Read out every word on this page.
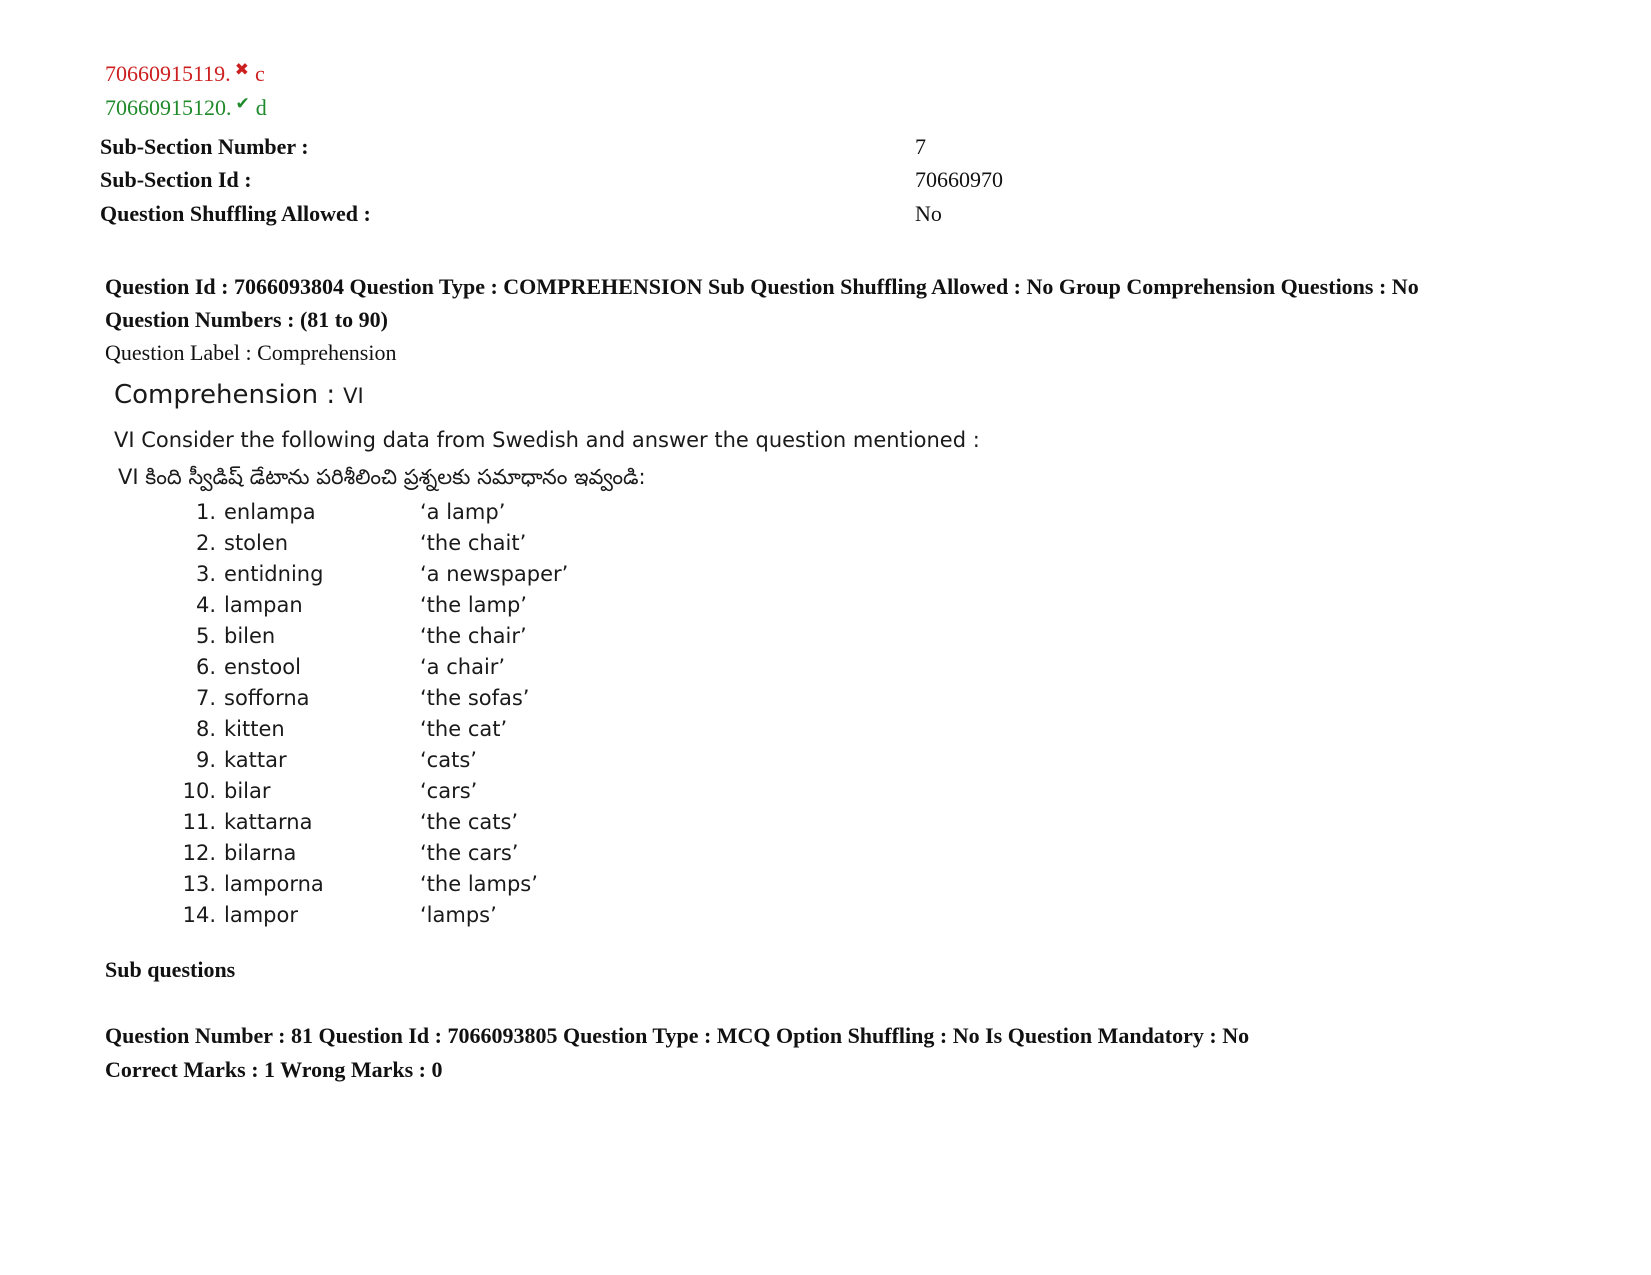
70660915119. ✖ c
70660915120. ✔ d
Sub-Section Number :	7
Sub-Section Id :	70660970
Question Shuffling Allowed :	No
Question Id : 7066093804 Question Type : COMPREHENSION Sub Question Shuffling Allowed : No Group Comprehension Questions : No
Question Numbers : (81 to 90)
Question Label : Comprehension
Comprehension : VI
VI Consider the following data from Swedish and answer the question mentioned :
VI కింది స్వీడిష్ డేటాను పరిశీలించి ప్రశ్నలకు సమాధానం ఇవ్వండి:
1. enlampa	‘a lamp’
2. stolen	‘the chait’
3. entidning	‘a newspaper’
4. lampan	‘the lamp’
5. bilen	‘the chair’
6. enstool	‘a chair’
7. sofforna	‘the sofas’
8. kitten	‘the cat’
9. kattar	‘cats’
10. bilar	‘cars’
11. kattarna	‘the cats’
12. bilarna	‘the cars’
13. lamporna	‘the lamps’
14. lampor	‘lamps’
Sub questions
Question Number : 81 Question Id : 7066093805 Question Type : MCQ Option Shuffling : No Is Question Mandatory : No
Correct Marks : 1 Wrong Marks : 0
